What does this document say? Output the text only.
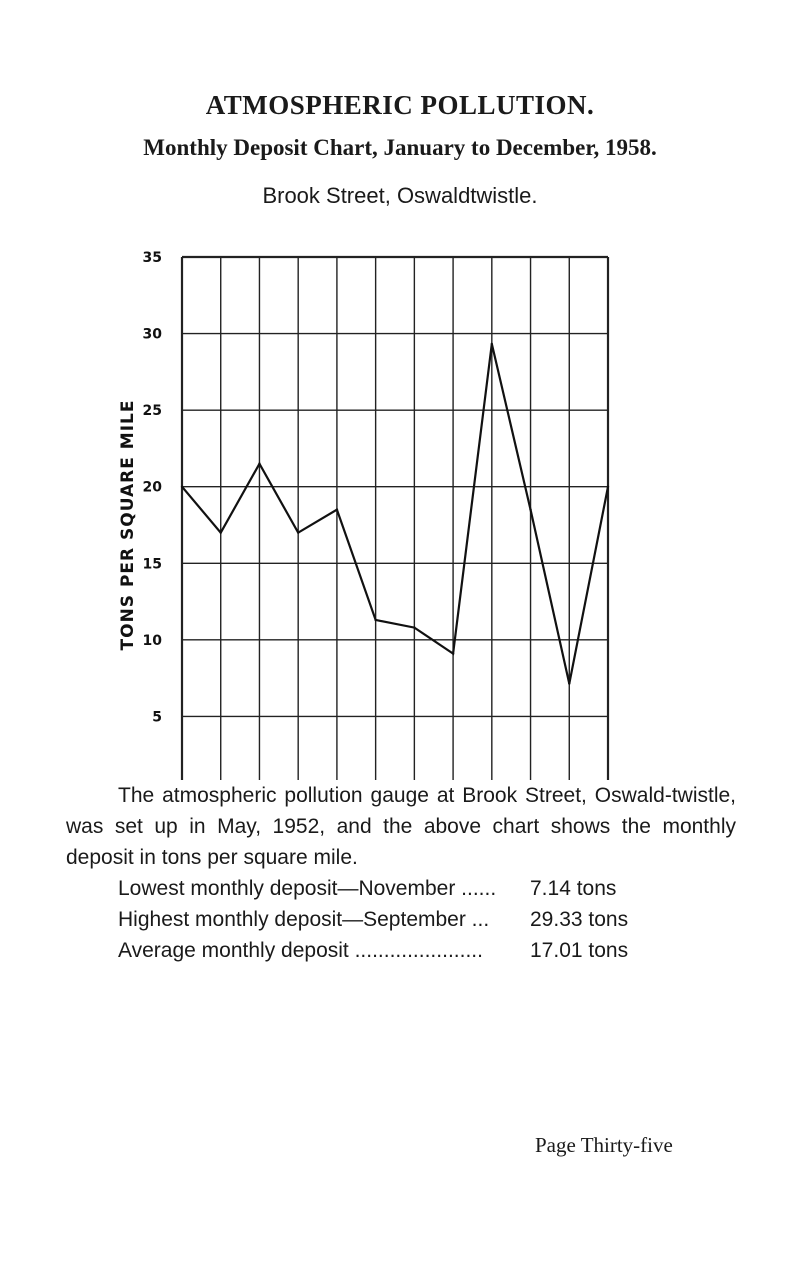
ATMOSPHERIC POLLUTION.
Monthly Deposit Chart, January to December, 1958.
Brook Street, Oswaldtwistle.
5
10
15
20
25
30
35
TONS PER SQUARE MILE
The atmospheric pollution gauge at Brook Street, Oswald-twistle, was set up in May, 1952, and the above chart shows the monthly deposit in tons per square mile.
Lowest monthly deposit—November ...... 7.14 tons
Highest monthly deposit—September ... 29.33 tons
Average monthly deposit ...................... 17.01 tons
Page Thirty-five
